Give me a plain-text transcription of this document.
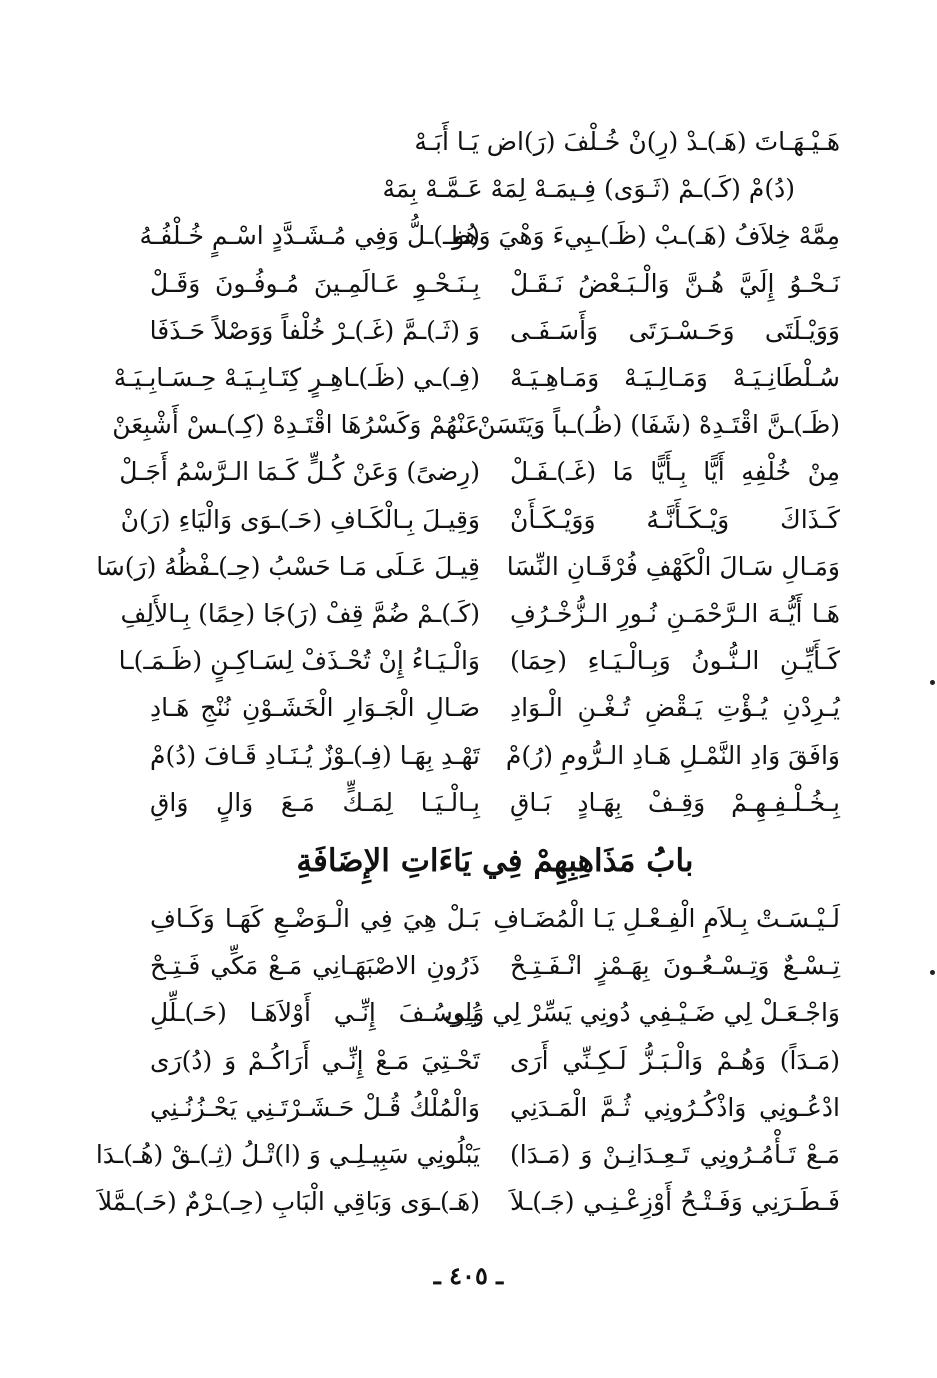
هَـيْـهَـاتَ (هَـ)ـدْ (رِ)نْ خُـلْفَ (رَ)اض يَـا أَبَـهْ
(دُ)مْ (كَـ)ـمْ (ثَـوَى) فِـيمَـهْ لِمَهْ عَـمَّـهْ بِمَهْ
مِمَّهْ خِلاَفُ (هَـ)ـبْ (ظَـ)ـبِيءَ وَهْيَ وَهُو
(ظِـ)ـلُّ وَفِي مُـشَـدَّدٍ اسْـمٍ خُـلْفُـهُ
نَـحْـوُ إِلَيَّ هُـنَّ وَالْـبَـعْضُ نَـقَـلْ
بِـنَـحْـوِ عَـالَمِـينَ مُـوفُـونَ وَقَـلْ
وَوَيْـلَتَى وَحَـسْـرَتَى وَأَسَـفَـى
وَ (ثَـ)ـمَّ (غَـ)ـرْ خُلْفاً وَوَصْلاً حَـذَفَا
سُـلْطَانِـيَـهْ وَمَـالِـيَـهْ وَمَـاهِـيَـهْ
(فِـ)ـي (ظَـ)ـاهِـرٍ كِتَـابِـيَـهْ حِـسَـابِـيَـهْ
(ظَـ)ـنَّ اقْتَـدِهْ (شَفَا) (ظُـ)ـباً وَيَتَسَنْ
عَنْهُمْ وَكَسْرُهَا اقْتَـدِهْ (كِـ)ـسْ أَشْبِعَنْ
مِنْ خُلْفِهِ أَيًّا بِـأَيًّا مَا (غَـ)ـفَـلْ
(رِضىً) وَعَنْ كُـلٍّ كَـمَا الـرَّسْمُ أَجَـلْ
كَـذَاكَ وَيْـكَـأَنَّـهُ وَوَيْـكَـأَنْ
وَقِيـلَ بِـالْكَـافِ (حَـ)ـوَى وَالْيَاءِ (رَ)نْ
وَمَـالِ سَـالَ الْكَهْفِ فُرْقَـانِ النِّسَا
قِيـلَ عَـلَى مَـا حَسْبُ (حِـ)ـفْظُهُ (رَ)سَا
هَـا أَيُّـهَ الـرَّحْمَـنِ نُـورِ الـزُّخْـرُفِ
(كَـ)ـمْ ضُمَّ قِفْ (رَ)جَا (حِمًا) بِـالأَلِفِ
كَـأَيِّـنِ الـنُّـونُ وَبِـالْـيَـاءِ (حِمَا)
وَالْـيَـاءُ إِنْ تُحْـذَفْ لِسَـاكِـنٍ (ظَـمَـ)ـا
يُـرِدْنِ يُـؤْتِ يَـقْضِ تُـغْـنِ الْـوَادِ
صَـالِ الْجَـوَارِ الْخَشَـوْنِ نُنْجِ هَـادِ
وَافَقَ وَادِ النَّمْـلِ هَـادِ الـرُّومِ (رُ)مْ
تَهْـدِ بِهَـا (فِـ)ـوْزٌ يُـنَـادِ قَـافَ (دُ)مْ
بِـخُـلْـفِـهِـمْ وَقِـفْ بِهَـادٍ بَـاقِ
بِـالْـيَـا لِمَـكٍّ مَـعَ وَالٍ وَاقِ
بابُ مَذَاهِبِهِمْ فِي يَاءَاتِ الإِضَافَةِ
لَـيْـسَـتْ بِـلاَمِ الْفِـعْـلِ يَـا الْمُضَـافِ
بَـلْ هِيَ فِي الْـوَضْـعِ كَهَـا وَكَـافِ
تِـسْـعٌ وَتِـسْـعُـونَ بِهَـمْزٍ انْـفَـتِـحْ
ذَرُونِ الاصْبَهَـانِي مَـعْ مَكِّي فَـتِـحْ
وَاجْـعَـلْ لِي ضَـيْـفِي دُونِي يَسِّرْ لِي وَلِي
يُـوسُـفَ إِنِّـي أَوْلاَهَـا (حَـ)ـلِّلِ
(مَـدَاً) وَهُـمْ وَالْـبَـزُّ لَـكِـنِّي أَرَى
تَحْـتِيَ مَـعْ إِنِّـي أَرَاكُـمْ وَ (دُ)رَى
ادْعُـونِي وَاذْكُـرُونِي ثُـمَّ الْمَـدَنِي
وَالْمُلْكُ قُـلْ حَـشَـرْتَـنِي يَحْـزُنُـنِي
مَـعْ تَـأْمُـرُونِي تَـعِـدَانِـنْ وَ (مَـدَا)
يَبْلُونِي سَبِيـلِـي وَ (ا)تْـلُ (ثِـ)ـقْ (هُـ)ـدَا
فَـطَـرَنِي وَفَـتْـحُ أَوْزِعْـنِـي (جَـ)ـلاَ
(هَـ)ـوَى وَبَاقِي الْبَابِ (حِـ)ـرْمٌ (حَـ)ـمَّلاَ
ـ ٤٠٥ ـ
